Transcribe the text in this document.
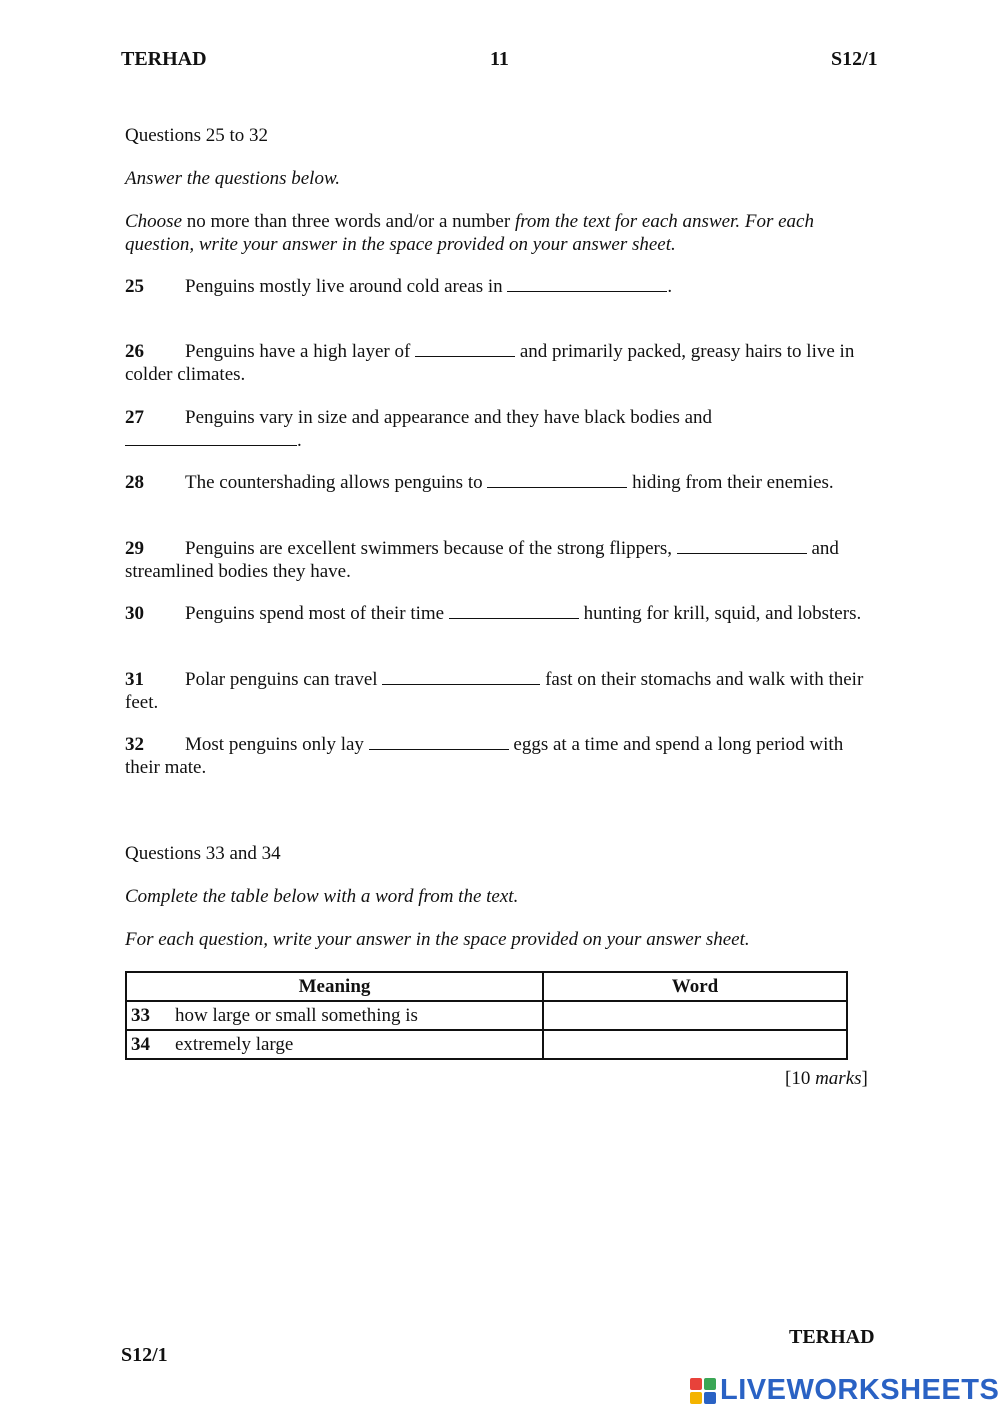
TERHAD	11	S12/1
Questions 25 to 32
Answer the questions below.
Choose no more than three words and/or a number from the text for each answer. For each question, write your answer in the space provided on your answer sheet.
25 Penguins mostly live around cold areas in	.
26 Penguins have a high layer of	and primarily packed, greasy hairs to live in colder climates.
27 Penguins vary in size and appearance and they have black bodies and .
28 The countershading allows penguins to	hiding from their enemies.
29 Penguins are excellent swimmers because of the strong flippers,	and streamlined bodies they have.
30 Penguins spend most of their time	hunting for krill, squid, and lobsters.
31 Polar penguins can travel	fast on their stomachs and walk with their feet.
32 Most penguins only lay	eggs at a time and spend a long period with their mate.
Questions 33 and 34
Complete the table below with a word from the text.
For each question, write your answer in the space provided on your answer sheet.
Meaning	Word
33 how large or small something is	
34 extremely large	
[10 marks]
TERHAD
S12/1
LIVEWORKSHEETS
